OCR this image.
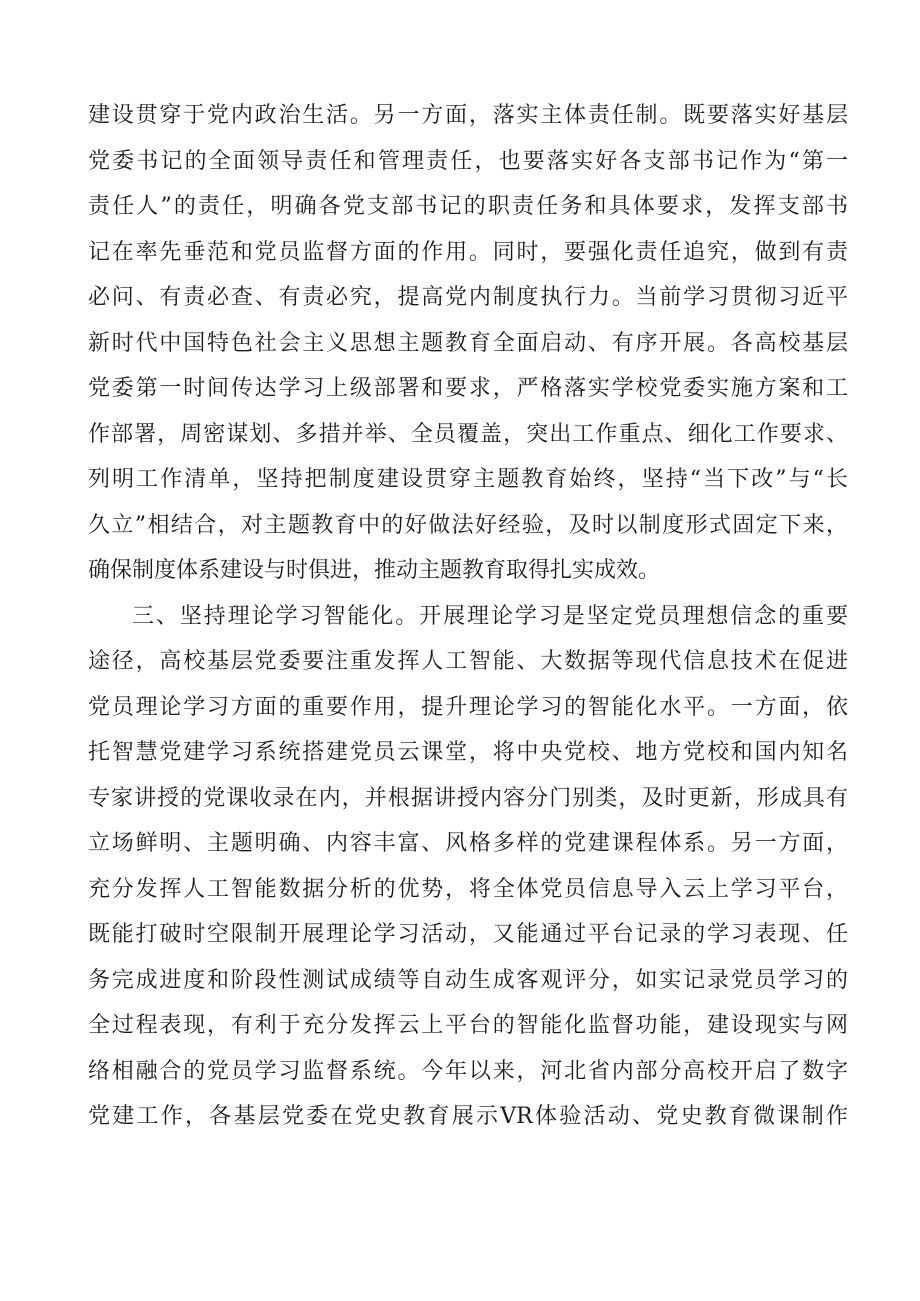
建设贯穿于党内政治生活。另一方面，落实主体责任制。既要落实好基层
党委书记的全面领导责任和管理责任，也要落实好各支部书记作为“第一
责任人”的责任，明确各党支部书记的职责任务和具体要求，发挥支部书
记在率先垂范和党员监督方面的作用。同时，要强化责任追究，做到有责
必问、有责必查、有责必究，提高党内制度执行力。当前学习贯彻习近平
新时代中国特色社会主义思想主题教育全面启动、有序开展。各高校基层
党委第一时间传达学习上级部署和要求，严格落实学校党委实施方案和工
作部署，周密谋划、多措并举、全员覆盖，突出工作重点、细化工作要求、
列明工作清单，坚持把制度建设贯穿主题教育始终，坚持“当下改”与“长
久立”相结合，对主题教育中的好做法好经验，及时以制度形式固定下来，
确保制度体系建设与时俱进，推动主题教育取得扎实成效。
三、坚持理论学习智能化。开展理论学习是坚定党员理想信念的重要
途径，高校基层党委要注重发挥人工智能、大数据等现代信息技术在促进
党员理论学习方面的重要作用，提升理论学习的智能化水平。一方面，依
托智慧党建学习系统搭建党员云课堂，将中央党校、地方党校和国内知名
专家讲授的党课收录在内，并根据讲授内容分门别类，及时更新，形成具有
立场鲜明、主题明确、内容丰富、风格多样的党建课程体系。另一方面，
充分发挥人工智能数据分析的优势，将全体党员信息导入云上学习平台，
既能打破时空限制开展理论学习活动，又能通过平台记录的学习表现、任
务完成进度和阶段性测试成绩等自动生成客观评分，如实记录党员学习的
全过程表现，有利于充分发挥云上平台的智能化监督功能，建设现实与网
络相融合的党员学习监督系统。今年以来，河北省内部分高校开启了数字
党建工作，各基层党委在党史教育展示VR体验活动、党史教育微课制作
